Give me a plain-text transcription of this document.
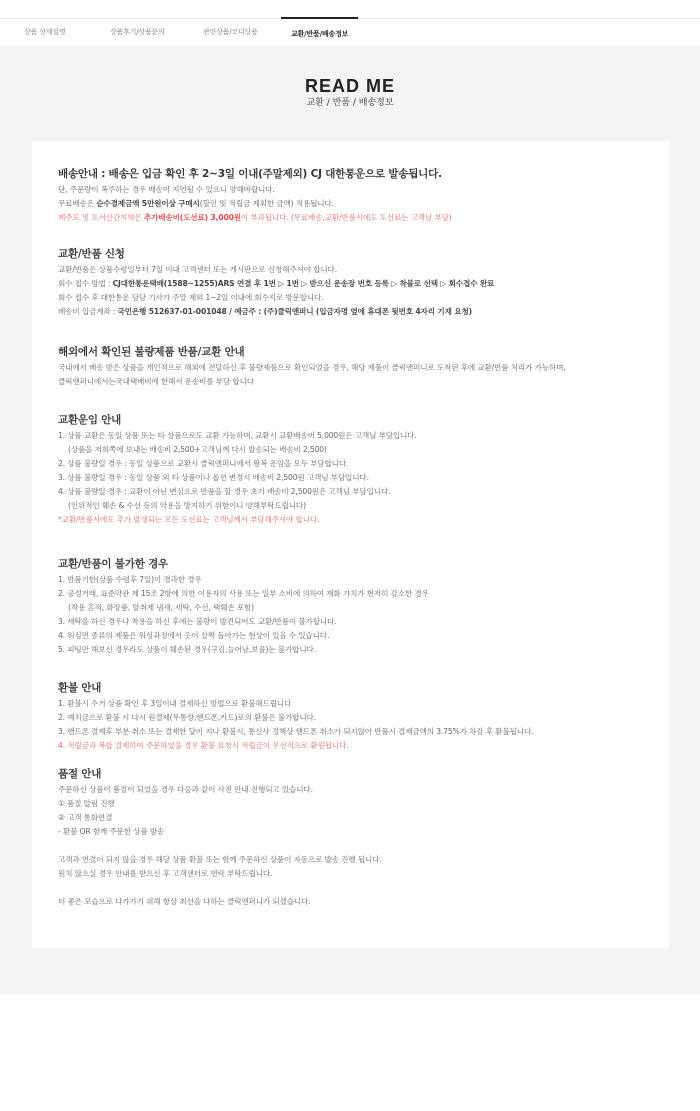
상품 상세설명	상품후기/상품문의	관련상품/코디상품	교환/반품/배송정보
READ ME
교환 / 반품 / 배송정보
배송안내 : 배송은 입금 확인 후 2~3일 이내(주말제외) CJ 대한통운으로 발송됩니다.
단, 주문량이 폭주하는 경우 배송이 지연될 수 있으니 양해바랍니다.
무료배송은 순수결제금액 5만원이상 구매시(할인 및 적립금 제외한 금액) 적용됩니다.
제주도 및 도서산간지역은 추가배송비(도선료) 3,000원이 부과됩니다. (무료배송,교환/반품시에도 도선료는 고객님 부담)
교환/반품 신청
교환/반품은 상품수령일부터 7일 이내 고객센터 또는 게시판으로 신청해주셔야 합니다.
회수 접수 방법 : CJ대한통운택배(1588~1255)ARS 연결 후 1번 ▷ 1번 ▷ 받으신 운송장 번호 등록 ▷ 착불로 선택 ▷ 회수접수 완료
회수 접수 후 대한통운 담당 기사가 주말 제외 1~2일 이내에 회수지로 방문합니다.
배송비 입금계좌 : 국민은행 512637-01-001048 / 예금주 : (주)클릭앤퍼니 (입금자명 옆에 휴대폰 뒷번호 4자리 기재 요청)
해외에서 확인된 불량제품 반품/교환 안내
국내에서 배송 받은 상품을 개인적으로 해외에 전달하신 후 불량제품으로 확인되었을 경우, 해당 제품이 클릭앤퍼니로 도착된 후에 교환/반품 처리가 가능하며,
클릭앤퍼니에서는국내택배비에 한해서 운송비를 부담 합니다
교환운임 안내
1. 상품 교환은 동일 상품 또는 타 상품으로도 교환 가능하며, 교환시 교환배송비 5,000원은 고객님 부담입니다.
(상품을 저희쪽에 보내는 배송비 2,500+고객님께 다시 발송되는 배송비 2,500)
2. 상품 불량일 경우 : 동일 상품으로 교환시 클릭앤퍼니에서 왕복 운임을 모두 부담합니다.
3. 상품 불량일 경우 : 동일 상품 외 타 상품이나 옵션 변경시 배송비 2,500원 고객님 부담입니다.
4. 상품 불량일 경우 : 교환이 아닌 변심으로 반품을 할 경우 초기 배송비 2,500원은 고객님 부담입니다.
(인위적인 훼손 & 수선 등의 악용을 방지하기 위함이니 양해부탁드립니다)
*교환/반품시에도 추가 발생되는 모든 도선료는 고객님께서 부담해주셔야 합니다.
교환/반품이 불가한 경우
1. 반품기한(상품 수령후 7일)이 경과한 경우
2. 공정거래, 표준약관 제 15조 2항에 의한 이용자의 사용 또는 일부 소비에 의하여 재화 가치가 현저히 감소한 경우
(착용 흔적, 화장품, 탈취제 냄새, 세탁, 수선, 택훼손 포함)
3. 세탁을 하신 경우나 착용을 하신 후에는 불량이 발견되어도 교환/반품이 불가합니다.
4. 워싱면 종류의 제품은 워싱과정에서 옷이 살짝 돌아가는 현상이 있을 수 있습니다.
5. 피팅만 해보신 경우라도 상품이 훼손된 경우(구김,늘어남,보풀)는 불가합니다.
환불 안내
1. 환불시 수거 상품 확인 후 3일이내 결제하신 방법으로 환불해드립니다
2. 예치금으로 환불 시 다시 원결제(무통장,핸드폰,카드)로의 환불은 불가합니다.
3. 핸드폰 결제후 부분 취소 또는 결제한 달이 지나 환불시, 통신사 정책상 핸드폰 취소가 되지않아 반품시 결제금액의 3.75%가 차감 후 환불됩니다.
4. 적립금과 복합 결제하여 주문하였을 경우 환불 요청시 적립금이 우선적으로 환원됩니다.
품절 안내
주문하신 상품이 품절이 되었을 경우 다음과 같이 사전 안내 진행되고 있습니다.
① 품절 알림 진행
② 고객 통화연결
- 환불 OR 함께 주문한 상품 발송
고객과 연결이 되지 않을 경우 해당 상품 환불 또는 함께 주문하신 상품이 자동으로 발송 진행 됩니다.
원치 않으실 경우 안내를 받으신 후 고객센터로 연락 부탁드립니다.
더 좋은 모습으로 다가가기 위해 항상 최선을 다하는 클릭앤퍼니가 되겠습니다.
